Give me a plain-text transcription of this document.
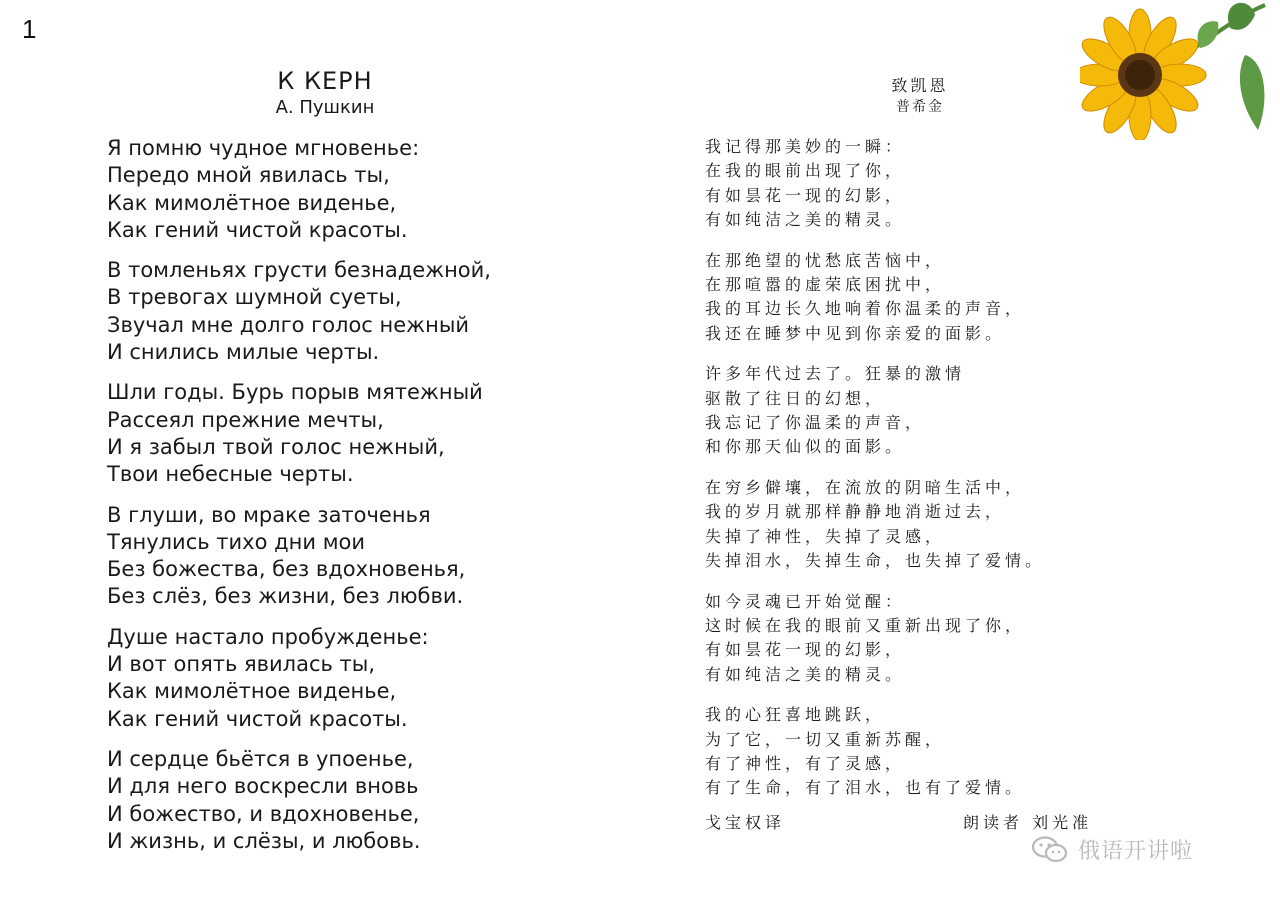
1
К КЕРН
А. Пушкин
Я помню чудное мгновенье:
Передо мной явилась ты,
Как мимолётное виденье,
Как гений чистой красоты.
В томленьях грусти безнадежной,
В тревогах шумной суеты,
Звучал мне долго голос нежный
И снились милые черты.
Шли годы. Бурь порыв мятежный
Рассеял прежние мечты,
И я забыл твой голос нежный,
Твои небесные черты.
В глуши, во мраке заточенья
Тянулись тихо дни мои
Без божества, без вдохновенья,
Без слёз, без жизни, без любви.
Душе настало пробужденье:
И вот опять явилась ты,
Как мимолётное виденье,
Как гений чистой красоты.
И сердце бьётся в упоенье,
И для него воскресли вновь
И божество, и вдохновенье,
И жизнь, и слёзы, и любовь.
致凯恩
普希金
我记得那美妙的一瞬：
在我的眼前出现了你，
有如昙花一现的幻影，
有如纯洁之美的精灵。
在那绝望的忧愁底苦恼中，
在那喧嚣的虚荣底困扰中，
我的耳边长久地响着你温柔的声音，
我还在睡梦中见到你亲爱的面影。
许多年代过去了。狂暴的激情
驱散了往日的幻想，
我忘记了你温柔的声音，
和你那天仙似的面影。
在穷乡僻壤，在流放的阴暗生活中，
我的岁月就那样静静地消逝过去，
失掉了神性，失掉了灵感，
失掉泪水，失掉生命，也失掉了爱情。
如今灵魂已开始觉醒：
这时候在我的眼前又重新出现了你，
有如昙花一现的幻影，
有如纯洁之美的精灵。
我的心狂喜地跳跃，
为了它，一切又重新苏醒，
有了神性，有了灵感，
有了生命，有了泪水，也有了爱情。
戈宝权译	朗读者 刘光准
俄语开讲啦
